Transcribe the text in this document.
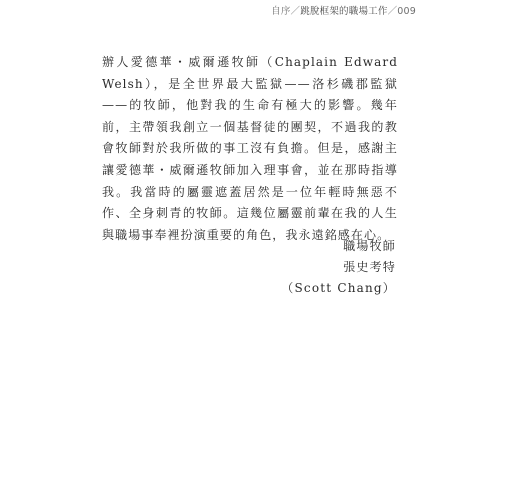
自序／跳脫框架的職場工作／009

辦人愛德華・威爾遜牧師（Chaplain Edward Welsh），是全世界最大監獄——洛杉磯郡監獄——的牧師，他對我的生命有極大的影響。幾年前，主帶領我創立一個基督徒的團契，不過我的教會牧師對於我所做的事工沒有負擔。但是，感謝主讓愛德華・威爾遜牧師加入理事會，並在那時指導我。我當時的屬靈遮蓋居然是一位年輕時無惡不作、全身刺青的牧師。這幾位屬靈前輩在我的人生與職場事奉裡扮演重要的角色，我永遠銘感在心。

職場牧師
張史考特
（Scott Chang）
